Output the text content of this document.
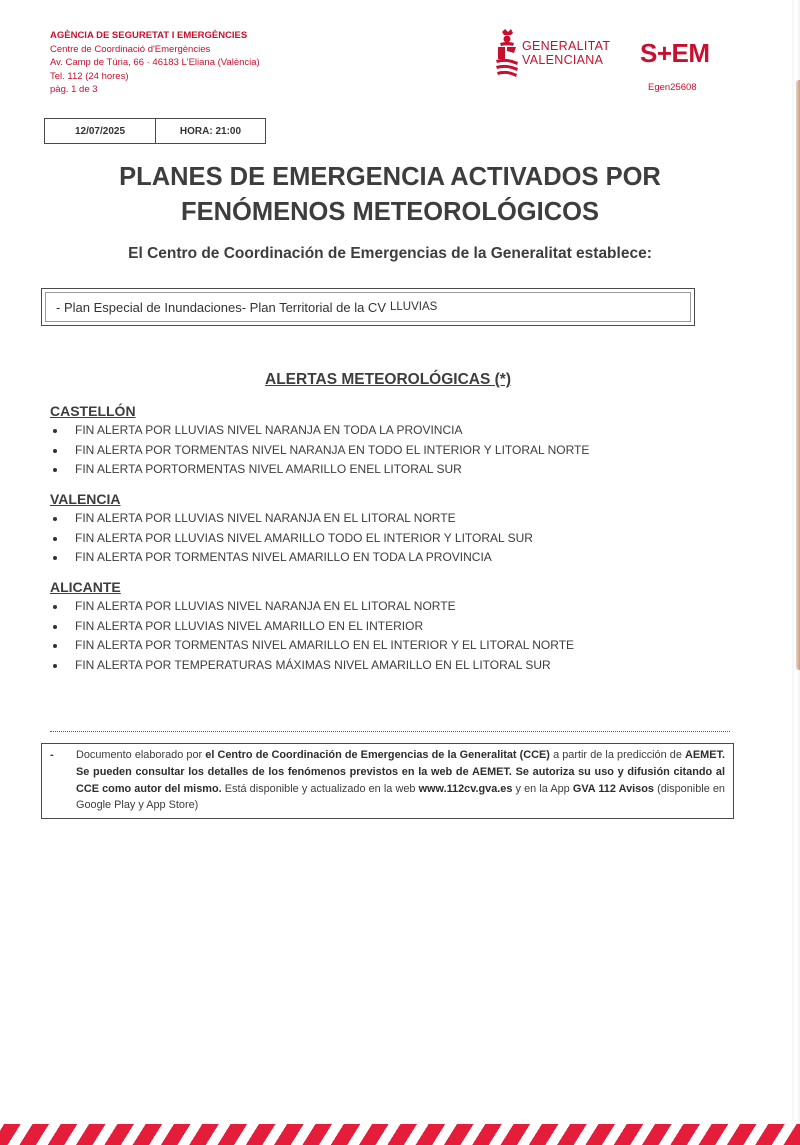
AGÈNCIA DE SEGURETAT I EMERGÈNCIES
Centre de Coordinació d'Emergències
Av. Camp de Túria, 66 · 46183 L'Eliana (València)
Tel. 112 (24 hores)
pàg. 1 de 3
GENERALITAT
VALENCIANA S+EM
Egen25608
12/07/2025	HORA: 21:00
PLANES DE EMERGENCIA ACTIVADOS POR
FENÓMENOS METEOROLÓGICOS
El Centro de Coordinación de Emergencias de la Generalitat establece:
- Plan Especial de Inundaciones- Plan Territorial de la CV LLUVIAS
ALERTAS METEOROLÓGICAS (*)
CASTELLÓN
FIN ALERTA POR LLUVIAS NIVEL NARANJA EN TODA LA PROVINCIA
FIN ALERTA POR TORMENTAS NIVEL NARANJA EN TODO EL INTERIOR Y LITORAL NORTE
FIN ALERTA PORTORMENTAS NIVEL AMARILLO ENEL LITORAL SUR
VALENCIA
FIN ALERTA POR LLUVIAS NIVEL NARANJA EN EL LITORAL NORTE
FIN ALERTA POR LLUVIAS NIVEL AMARILLO TODO EL INTERIOR Y LITORAL SUR
FIN ALERTA POR TORMENTAS NIVEL AMARILLO EN TODA LA PROVINCIA
ALICANTE
FIN ALERTA POR LLUVIAS NIVEL NARANJA EN EL LITORAL NORTE
FIN ALERTA POR LLUVIAS NIVEL AMARILLO EN EL INTERIOR
FIN ALERTA POR TORMENTAS NIVEL AMARILLO EN EL INTERIOR Y EL LITORAL NORTE
FIN ALERTA POR TEMPERATURAS MÁXIMAS NIVEL AMARILLO EN EL LITORAL SUR
- Documento elaborado por el Centro de Coordinación de Emergencias de la Generalitat (CCE) a partir de la predicción de AEMET. Se pueden consultar los detalles de los fenómenos previstos en la web de AEMET. Se autoriza su uso y difusión citando al CCE como autor del mismo. Está disponible y actualizado en la web www.112cv.gva.es y en la App GVA 112 Avisos (disponible en Google Play y App Store)
